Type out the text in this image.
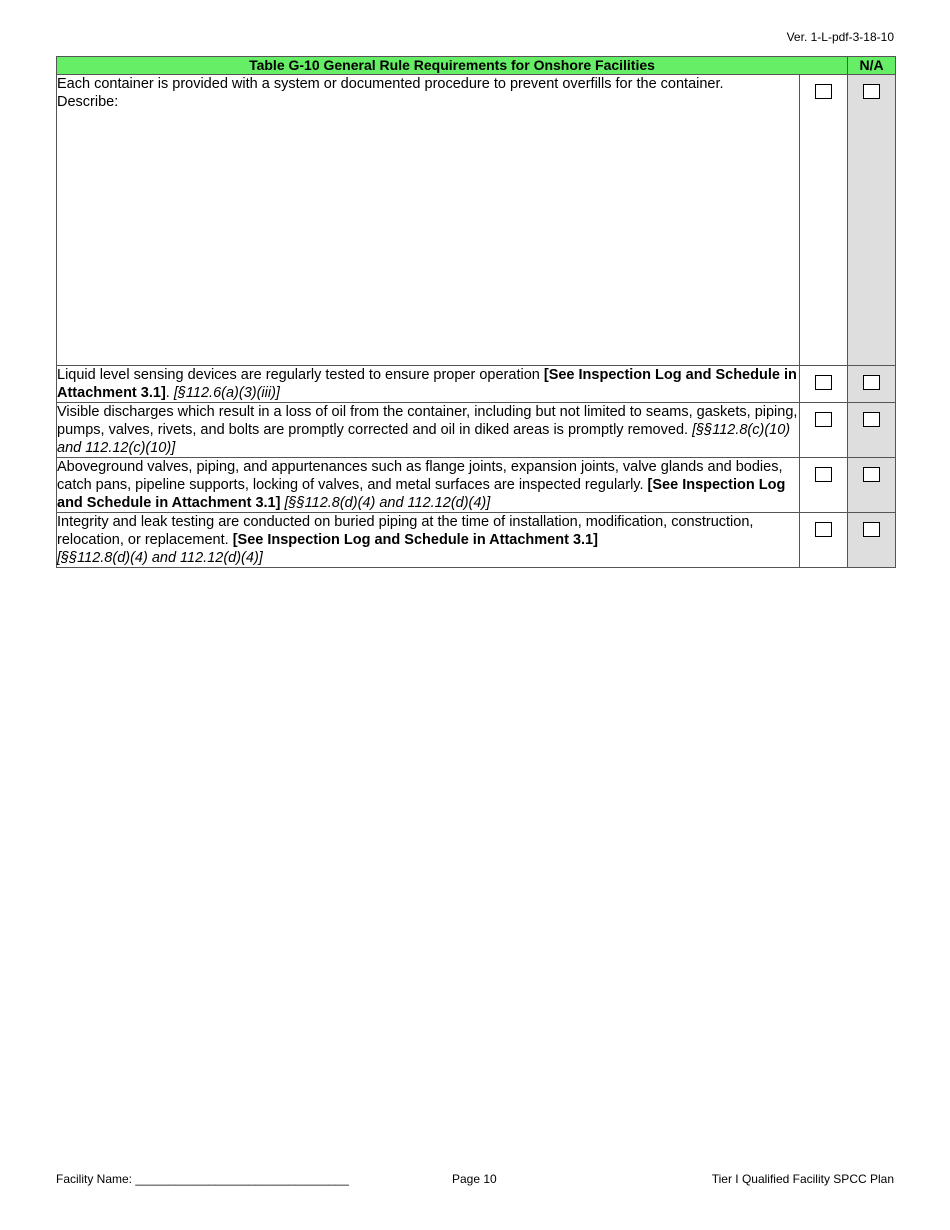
Ver. 1-L-pdf-3-18-10
Table G-10 General Rule Requirements for Onshore Facilities		N/A

Each container is provided with a system or documented procedure to prevent overfills for the container.
Describe:		

Liquid level sensing devices are regularly tested to ensure proper operation [See Inspection Log and Schedule in Attachment 3.1]. [§112.6(a)(3)(iii)]		
Visible discharges which result in a loss of oil from the container, including but not limited to seams, gaskets, piping, pumps, valves, rivets, and bolts are promptly corrected and oil in diked areas is promptly removed. [§§112.8(c)(10) and 112.12(c)(10)]		
Aboveground valves, piping, and appurtenances such as flange joints, expansion joints, valve glands and bodies, catch pans, pipeline supports, locking of valves, and metal surfaces are inspected regularly. [See Inspection Log and Schedule in Attachment 3.1] [§§112.8(d)(4) and 112.12(d)(4)]		
Integrity and leak testing are conducted on buried piping at the time of installation, modification, construction, relocation, or replacement. [See Inspection Log and Schedule in Attachment 3.1]
[§§112.8(d)(4) and 112.12(d)(4)]		
Facility Name: ________________________________	Page 10	Tier I Qualified Facility SPCC Plan
